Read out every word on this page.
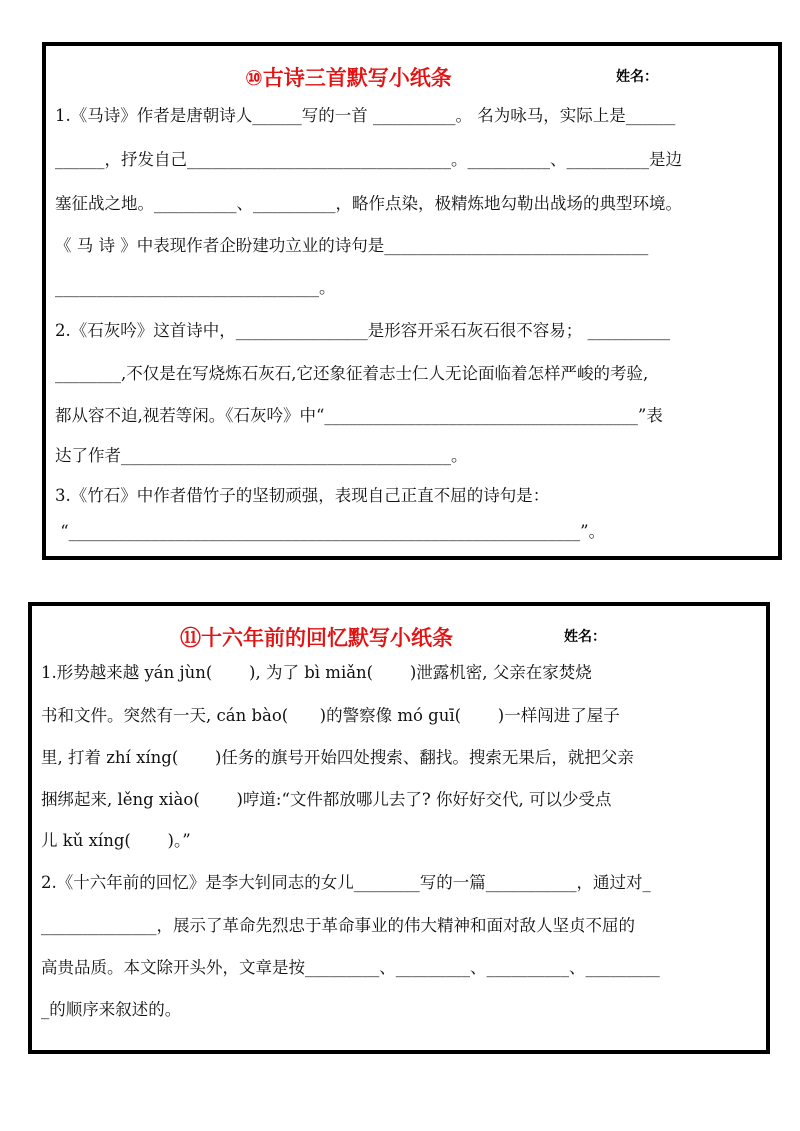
⑩古诗三首默写小纸条	姓名：
1.《马诗》作者是唐朝诗人______写的一首 __________。 名为咏马，实际上是______
______，抒发自己________________________________。__________、__________是边
塞征战之地。__________、__________，略作点染，极精炼地勾勒出战场的典型环境。
《 马 诗 》中表现作者企盼建功立业的诗句是________________________________
________________________________。
2.《石灰吟》这首诗中，________________是形容开采石灰石很不容易； __________
________,不仅是在写烧炼石灰石,它还象征着志士仁人无论面临着怎样严峻的考验,
都从容不迫,视若等闲。《石灰吟》中“______________________________________”表
达了作者________________________________________。
3.《竹石》中作者借竹子的坚韧顽强，表现自己正直不屈的诗句是：
“______________________________________________________________”。
⑪十六年前的回忆默写小纸条	姓名：
1.形势越来越 yán jùn(       ), 为了 bì miǎn(       )泄露机密, 父亲在家焚烧
书和文件。突然有一天, cán bào(      )的警察像 mó guī(       )一样闯进了屋子
里, 打着 zhí xíng(       )任务的旗号开始四处搜索、翻找。搜索无果后，就把父亲
捆绑起来, lěng xiào(       )哼道:“文件都放哪儿去了? 你好好交代, 可以少受点
儿 kǔ xíng(       )。”
2.《十六年前的回忆》是李大钊同志的女儿________写的一篇___________，通过对_
______________，展示了革命先烈忠于革命事业的伟大精神和面对敌人坚贞不屈的
高贵品质。本文除开头外，文章是按_________、_________、__________、_________
_的顺序来叙述的。
